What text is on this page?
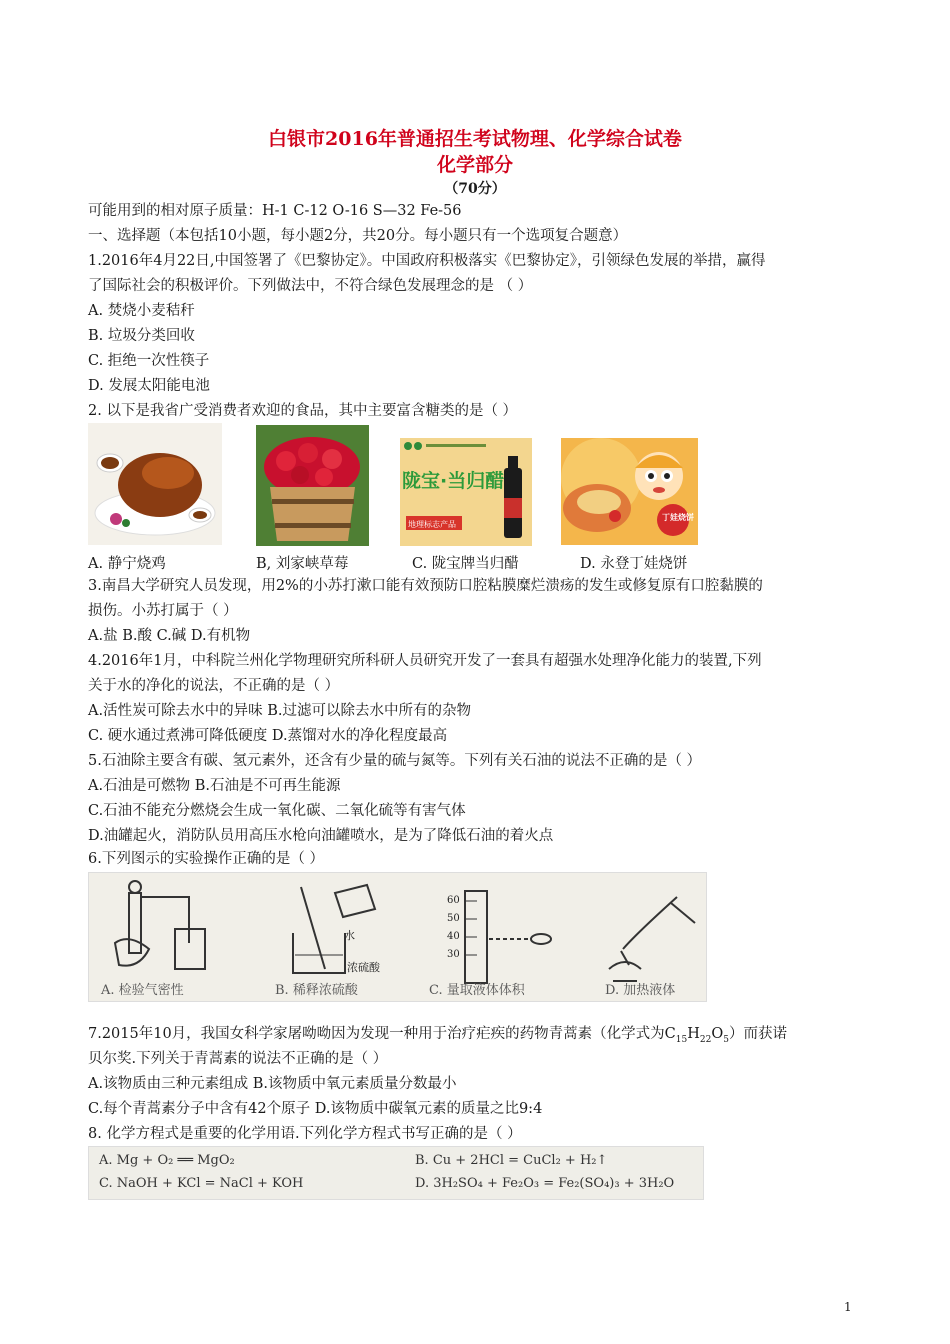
白银市2016年普通招生考试物理、化学综合试卷
化学部分
（70分）
可能用到的相对原子质量：H-1 C-12 O-16 S—32 Fe-56
一、选择题（本包括10小题，每小题2分，共20分。每小题只有一个选项复合题意）
1.2016年4月22日,中国签署了《巴黎协定》。中国政府积极落实《巴黎协定》，引领绿色发展的举措，赢得
了国际社会的积极评价。下列做法中，不符合绿色发展理念的是 （ ）
A. 焚烧小麦秸秆
B. 垃圾分类回收
C. 拒绝一次性筷子
D. 发展太阳能电池
2. 以下是我省广受消费者欢迎的食品，其中主要富含糖类的是（ ）
地理标志产品
陇宝·当归醋
丁娃烧饼
A. 静宁烧鸡	B, 刘家峡草莓	C. 陇宝牌当归醋	D. 永登丁娃烧饼
3.南昌大学研究人员发现，用2%的小苏打漱口能有效预防口腔粘膜糜烂溃疡的发生或修复原有口腔黏膜的
损伤。小苏打属于（ ）
A.盐 B.酸 C.碱 D.有机物
4.2016年1月，中科院兰州化学物理研究所科研人员研究开发了一套具有超强水处理净化能力的装置,下列
关于水的净化的说法，不正确的是（ ）
A.活性炭可除去水中的异味 B.过滤可以除去水中所有的杂物
C. 硬水通过煮沸可降低硬度 D.蒸馏对水的净化程度最高
5.石油除主要含有碳、氢元素外，还含有少量的硫与氮等。下列有关石油的说法不正确的是（ ）
A.石油是可燃物 B.石油是不可再生能源
C.石油不能充分燃烧会生成一氧化碳、二氧化硫等有害气体
D.油罐起火，消防队员用高压水枪向油罐喷水，是为了降低石油的着火点
6.下列图示的实验操作正确的是（ ）
水
浓硫酸
60
50
40
30
A. 检验气密性	B. 稀释浓硫酸	C. 量取液体体积	D. 加热液体
7.2015年10月，我国女科学家屠呦呦因为发现一种用于治疗疟疾的药物青蒿素（化学式为$C_{15}H_{22}O_5$）而获诺
贝尔奖.下列关于青蒿素的说法不正确的是（ ）
A.该物质由三种元素组成 B.该物质中氧元素质量分数最小
C.每个青蒿素分子中含有42个原子 D.该物质中碳氧元素的质量之比9:4
8. 化学方程式是重要的化学用语.下列化学方程式书写正确的是（ ）
A. Mg + O₂ ══ MgO₂	B. Cu + 2HCl = CuCl₂ + H₂↑
C. NaOH + KCl = NaCl + KOH	D. 3H₂SO₄ + Fe₂O₃ = Fe₂(SO₄)₃ + 3H₂O
1
